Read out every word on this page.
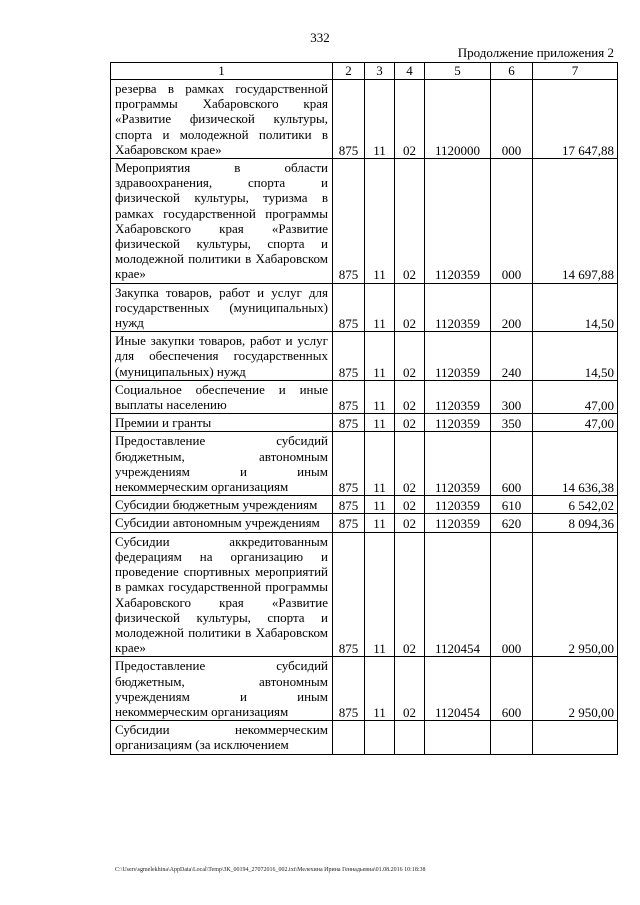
332
Продолжение приложения 2
1	2	3	4	5	6	7
резерва в рамках государственной программы Хабаровского края «Развитие физической культуры, спорта и молодежной политики в Хабаровском крае»	875	11	02	1120000	000	17 647,88
Мероприятия в области здравоохранения, спорта и физической культуры, туризма в рамках государственной программы Хабаровского края «Развитие физической культуры, спорта и молодежной политики в Хабаровском крае»	875	11	02	1120359	000	14 697,88
Закупка товаров, работ и услуг для государственных (муниципальных) нужд	875	11	02	1120359	200	14,50
Иные закупки товаров, работ и услуг для обеспечения государственных (муниципальных) нужд	875	11	02	1120359	240	14,50
Социальное обеспечение и иные выплаты населению	875	11	02	1120359	300	47,00
Премии и гранты	875	11	02	1120359	350	47,00
Предоставление субсидий бюджетным, автономным учреждениям и иным некоммерческим организациям	875	11	02	1120359	600	14 636,38
Субсидии бюджетным учреждениям	875	11	02	1120359	610	6 542,02
Субсидии автономным учреждениям	875	11	02	1120359	620	8 094,36
Субсидии аккредитованным федерациям на организацию и проведение спортивных мероприятий в рамках государственной программы Хабаровского края «Развитие физической культуры, спорта и молодежной политики в Хабаровском крае»	875	11	02	1120454	000	2 950,00
Предоставление субсидий бюджетным, автономным учреждениям и иным некоммерческим организациям	875	11	02	1120454	600	2 950,00
Субсидии некоммерческим организациям (за исключением						
C:\Users\sgmelekhina\AppData\Local\Temp\ЗК_00194_27072016_002.txt\Мелехина Ирина Геннадьевна\01.08.2016 10:18:38
